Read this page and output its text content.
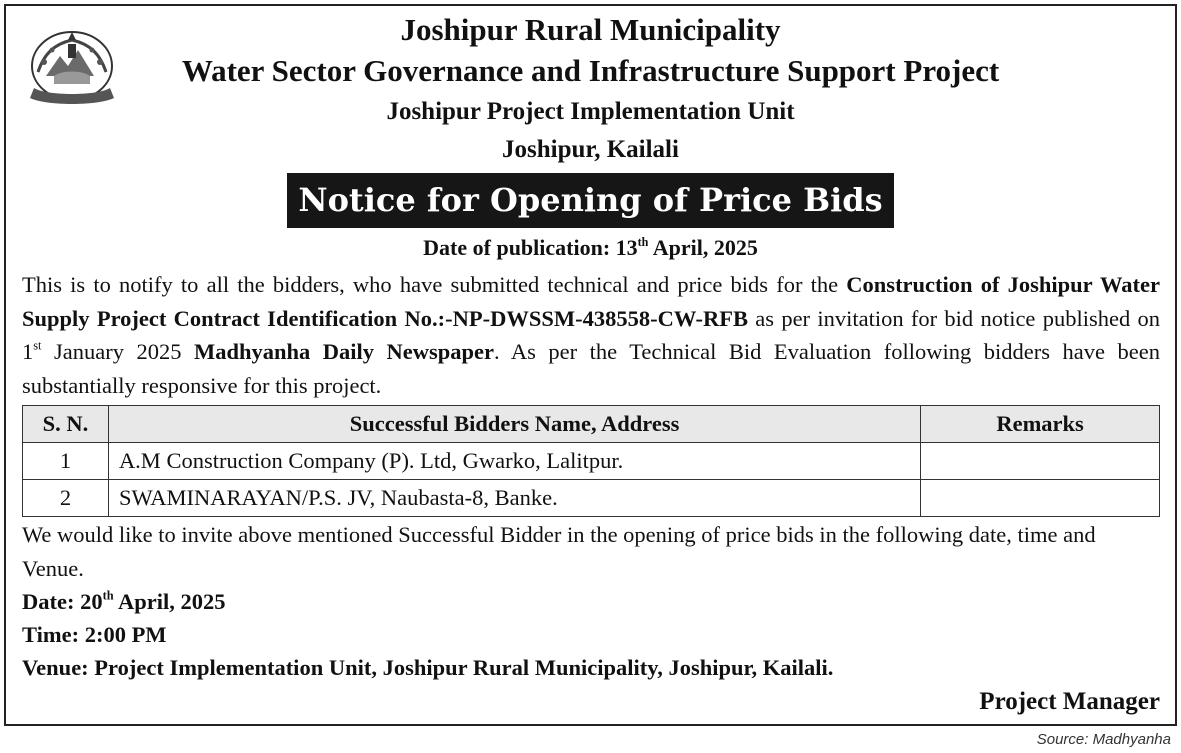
Joshipur Rural Municipality
Water Sector Governance and Infrastructure Support Project
Joshipur Project Implementation Unit
Joshipur, Kailali
Notice for Opening of Price Bids
Date of publication: 13th April, 2025

This is to notify to all the bidders, who have submitted technical and price bids for the Construction of Joshipur Water Supply Project Contract Identification No.:-NP-DWSSM-438558-CW-RFB as per invitation for bid notice published on 1st January 2025 Madhyanha Daily Newspaper. As per the Technical Bid Evaluation following bidders have been substantially responsive for this project.

S. N.	Successful Bidders Name, Address	Remarks
1	A.M Construction Company (P). Ltd, Gwarko, Lalitpur.	
2	SWAMINARAYAN/P.S. JV, Naubasta-8, Banke.	

We would like to invite above mentioned Successful Bidder in the opening of price bids in the following date, time and Venue.

Date: 20th April, 2025
Time: 2:00 PM
Venue: Project Implementation Unit, Joshipur Rural Municipality, Joshipur, Kailali.
Project Manager
Source: Madhyanha
